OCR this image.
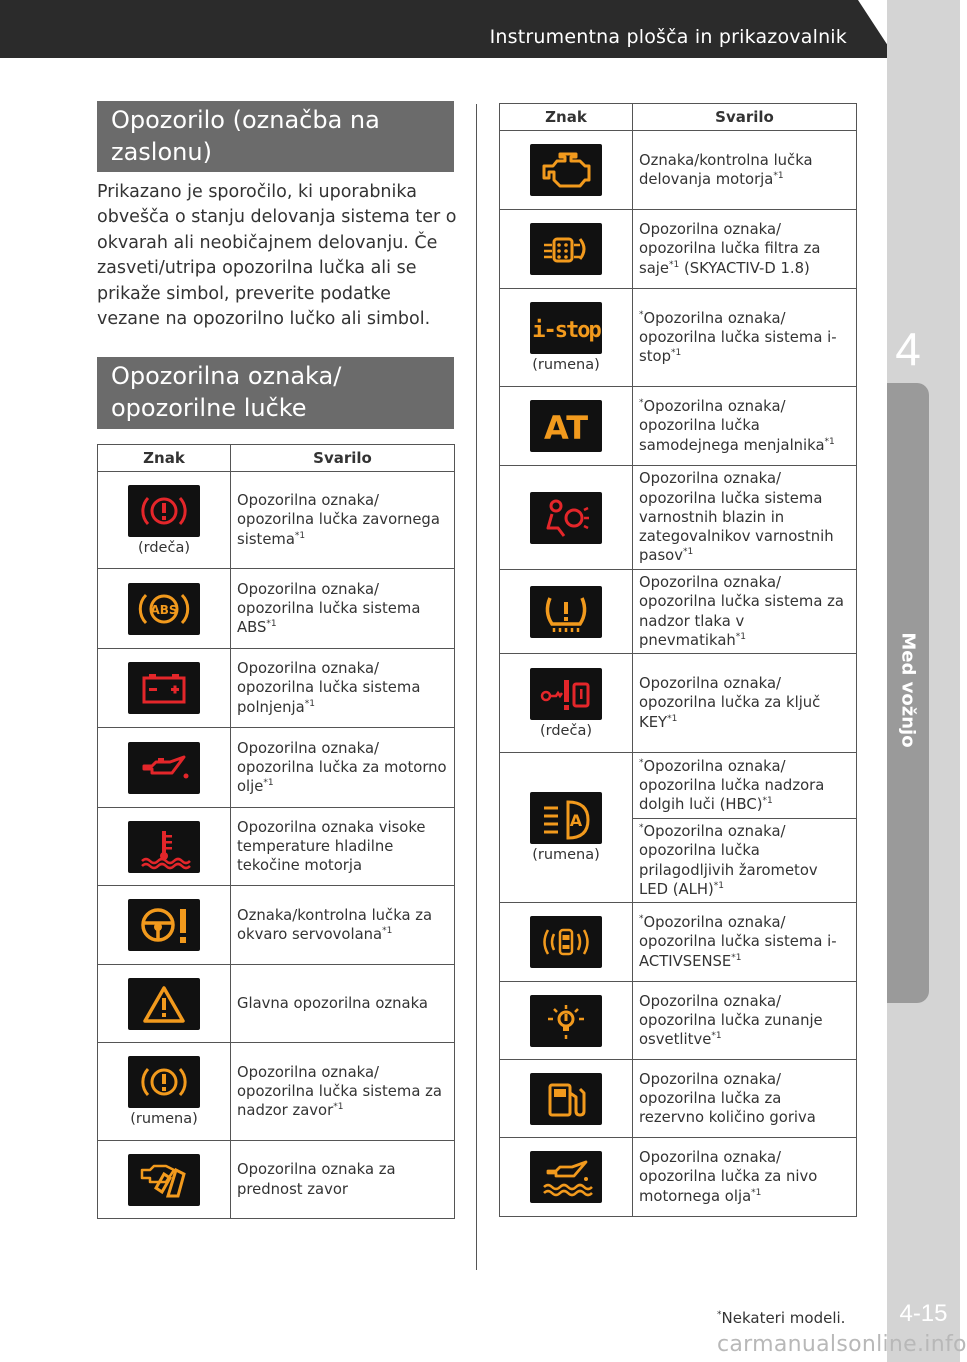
Instrumentna plošča in prikazovalnik
4
Med vožnjo
4-15
Opozorilo (označba na zaslonu)
Prikazano je sporočilo, ki uporabnika obvešča o stanju delovanja sistema ter o okvarah ali neobičajnem delovanju. Če zasveti/utripa opozorilna lučka ali se prikaže simbol, preverite podatke vezane na opozorilno lučko ali simbol.
Opozorilna oznaka/ opozorilne lučke
Znak	Svarilo

(rdeča)	Opozorilna oznaka/ opozorilna lučka zavornega sistema$^{*1}$

ABS	Opozorilna oznaka/ opozorilna lučka sistema ABS$^{*1}$

	Opozorilna oznaka/ opozorilna lučka sistema polnjenja$^{*1}$

	Opozorilna oznaka/ opozorilna lučka za motorno olje$^{*1}$

	Opozorilna oznaka visoke temperature hladilne tekočine motorja

	Oznaka/kontrolna lučka za okvaro servovolana$^{*1}$

	Glavna opozorilna oznaka

(rumena)	Opozorilna oznaka/ opozorilna lučka sistema za nadzor zavor$^{*1}$

	Opozorilna oznaka za prednost zavor
Znak	Svarilo

	Oznaka/kontrolna lučka delovanja motorja$^{*1}$

	Opozorilna oznaka/ opozorilna lučka filtra za saje$^{*1}$ (SKYACTIV-D 1.8)

i-stop
(rumena)	*Opozorilna oznaka/ opozorilna lučka sistema i-stop$^{*1}$

AT	*Opozorilna oznaka/ opozorilna lučka samodejnega menjalnika$^{*1}$

	Opozorilna oznaka/ opozorilna lučka sistema varnostnih blazin in zategovalnikov varnostnih pasov$^{*1}$

	Opozorilna oznaka/ opozorilna lučka sistema za nadzor tlaka v pnevmatikah$^{*1}$

(rdeča)	Opozorilna oznaka/ opozorilna lučka za ključ KEY$^{*1}$

A
(rumena)	*Opozorilna oznaka/ opozorilna lučka nadzora dolgih luči (HBC)$^{*1}$
	*Opozorilna oznaka/ opozorilna lučka prilagodljivih žarometov LED (ALH)$^{*1}$

	*Opozorilna oznaka/ opozorilna lučka sistema i-ACTIVSENSE$^{*1}$

	Opozorilna oznaka/ opozorilna lučka zunanje osvetlitve$^{*1}$

	Opozorilna oznaka/ opozorilna lučka za rezervno količino goriva

	Opozorilna oznaka/ opozorilna lučka za nivo motornega olja$^{*1}$
*Nekateri modeli.
carmanualsonline.info
